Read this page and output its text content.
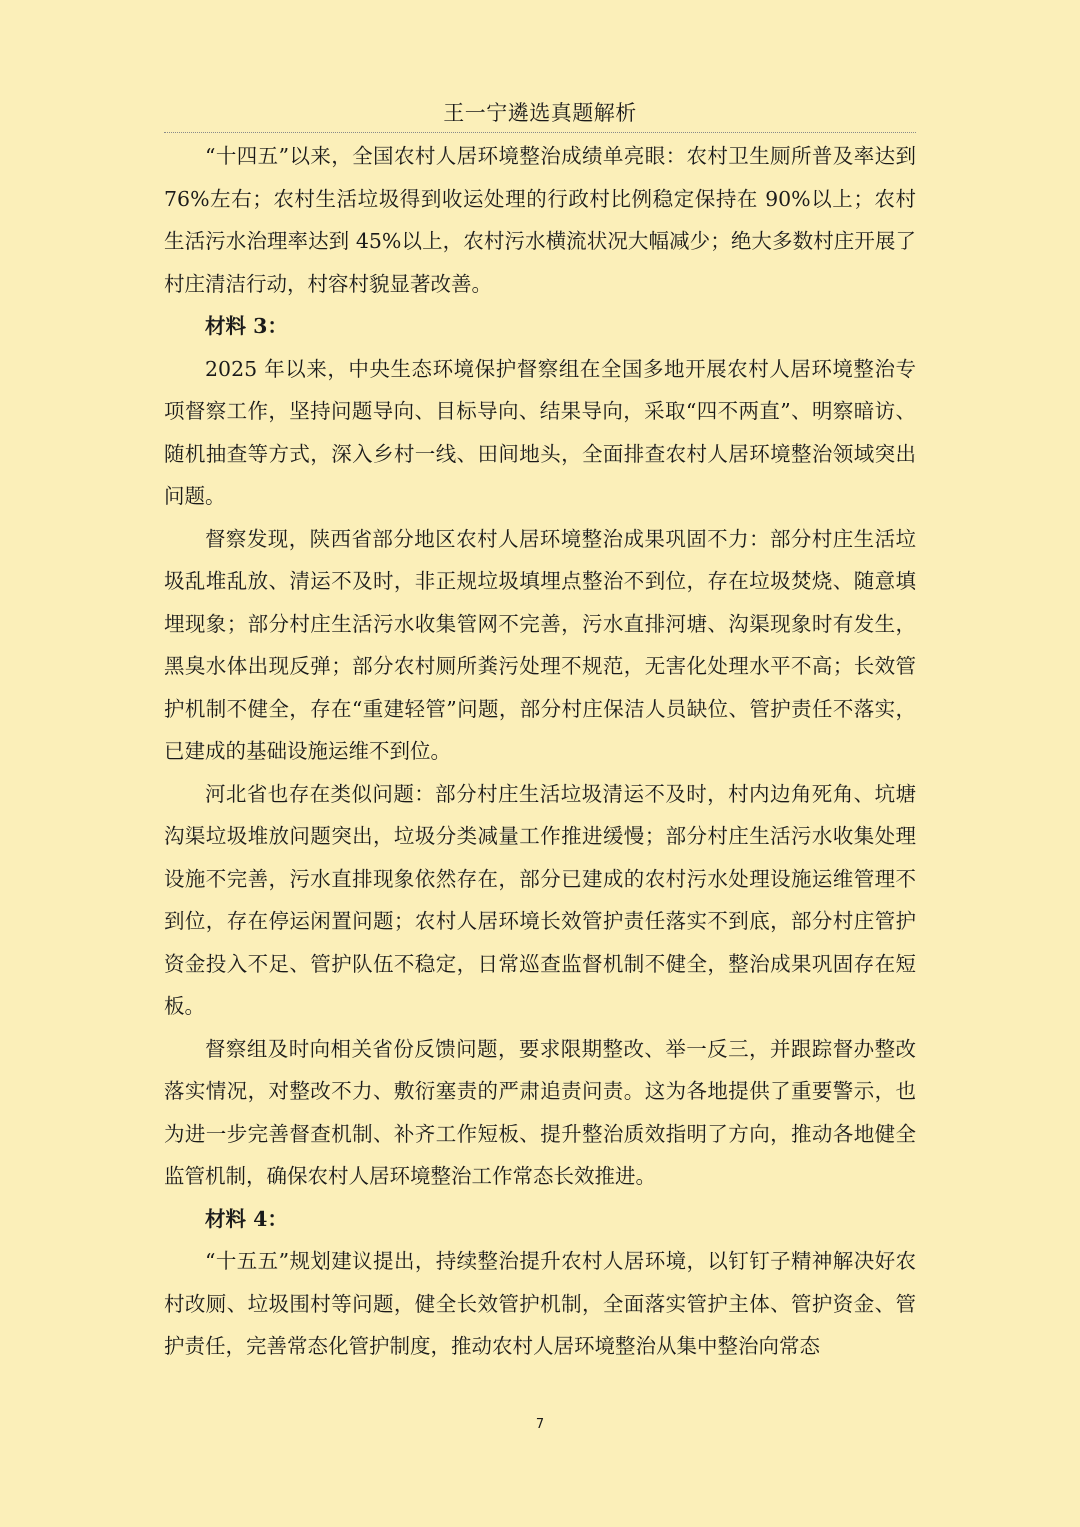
王一宁遴选真题解析

“十四五”以来，全国农村人居环境整治成绩单亮眼：农村卫生厕所普及率达到 76%左右；农村生活垃圾得到收运处理的行政村比例稳定保持在 90%以上；农村生活污水治理率达到 45%以上，农村污水横流状况大幅减少；绝大多数村庄开展了村庄清洁行动，村容村貌显著改善。

材料 3：

2025 年以来，中央生态环境保护督察组在全国多地开展农村人居环境整治专项督察工作，坚持问题导向、目标导向、结果导向，采取“四不两直”、明察暗访、随机抽查等方式，深入乡村一线、田间地头，全面排查农村人居环境整治领域突出问题。

督察发现，陕西省部分地区农村人居环境整治成果巩固不力：部分村庄生活垃圾乱堆乱放、清运不及时，非正规垃圾填埋点整治不到位，存在垃圾焚烧、随意填埋现象；部分村庄生活污水收集管网不完善，污水直排河塘、沟渠现象时有发生，黑臭水体出现反弹；部分农村厕所粪污处理不规范，无害化处理水平不高；长效管护机制不健全，存在“重建轻管”问题，部分村庄保洁人员缺位、管护责任不落实，已建成的基础设施运维不到位。

河北省也存在类似问题：部分村庄生活垃圾清运不及时，村内边角死角、坑塘沟渠垃圾堆放问题突出，垃圾分类减量工作推进缓慢；部分村庄生活污水收集处理设施不完善，污水直排现象依然存在，部分已建成的农村污水处理设施运维管理不到位，存在停运闲置问题；农村人居环境长效管护责任落实不到底，部分村庄管护资金投入不足、管护队伍不稳定，日常巡查监督机制不健全，整治成果巩固存在短板。

督察组及时向相关省份反馈问题，要求限期整改、举一反三，并跟踪督办整改落实情况，对整改不力、敷衍塞责的严肃追责问责。这为各地提供了重要警示，也为进一步完善督查机制、补齐工作短板、提升整治质效指明了方向，推动各地健全监管机制，确保农村人居环境整治工作常态长效推进。

材料 4：

“十五五”规划建议提出，持续整治提升农村人居环境，以钉钉子精神解决好农村改厕、垃圾围村等问题，健全长效管护机制，全面落实管护主体、管护资金、管护责任，完善常态化管护制度，推动农村人居环境整治从集中整治向常态

7
